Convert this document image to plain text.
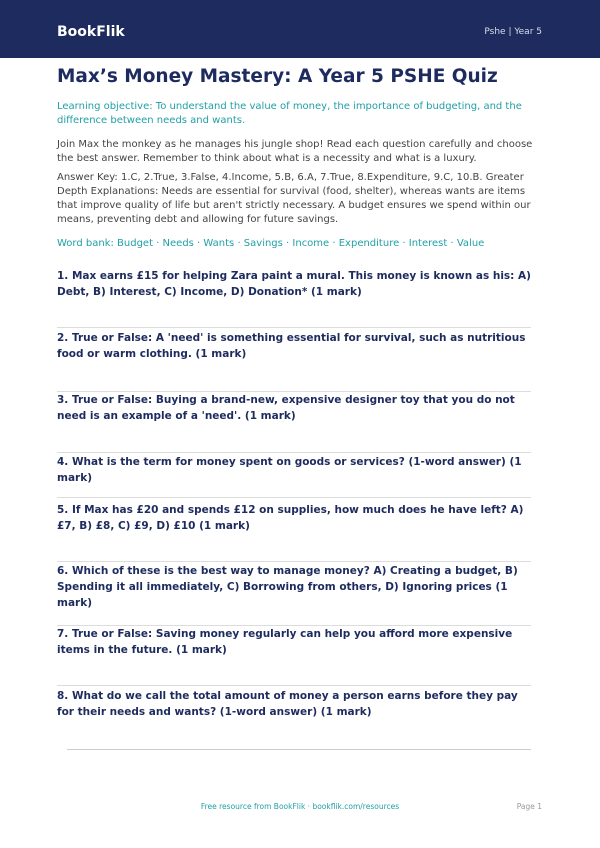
BookFlik	Pshe | Year 5
Max’s Money Mastery: A Year 5 PSHE Quiz
Learning objective: To understand the value of money, the importance of budgeting, and the difference between needs and wants.
Join Max the monkey as he manages his jungle shop! Read each question carefully and choose the best answer. Remember to think about what is a necessity and what is a luxury.
Answer Key: 1.C, 2.True, 3.False, 4.Income, 5.B, 6.A, 7.True, 8.Expenditure, 9.C, 10.B. Greater Depth Explanations: Needs are essential for survival (food, shelter), whereas wants are items that improve quality of life but aren't strictly necessary. A budget ensures we spend within our means, preventing debt and allowing for future savings.
Word bank: Budget · Needs · Wants · Savings · Income · Expenditure · Interest · Value
1. Max earns £15 for helping Zara paint a mural. This money is known as his: A) Debt, B) Interest, C) Income, D) Donation* (1 mark)
2. True or False: A 'need' is something essential for survival, such as nutritious food or warm clothing. (1 mark)
3. True or False: Buying a brand-new, expensive designer toy that you do not need is an example of a 'need'. (1 mark)
4. What is the term for money spent on goods or services? (1-word answer) (1 mark)
5. If Max has £20 and spends £12 on supplies, how much does he have left? A) £7, B) £8, C) £9, D) £10 (1 mark)
6. Which of these is the best way to manage money? A) Creating a budget, B) Spending it all immediately, C) Borrowing from others, D) Ignoring prices (1 mark)
7. True or False: Saving money regularly can help you afford more expensive items in the future. (1 mark)
8. What do we call the total amount of money a person earns before they pay for their needs and wants? (1-word answer) (1 mark)
Free resource from BookFlik · bookflik.com/resources	Page 1
